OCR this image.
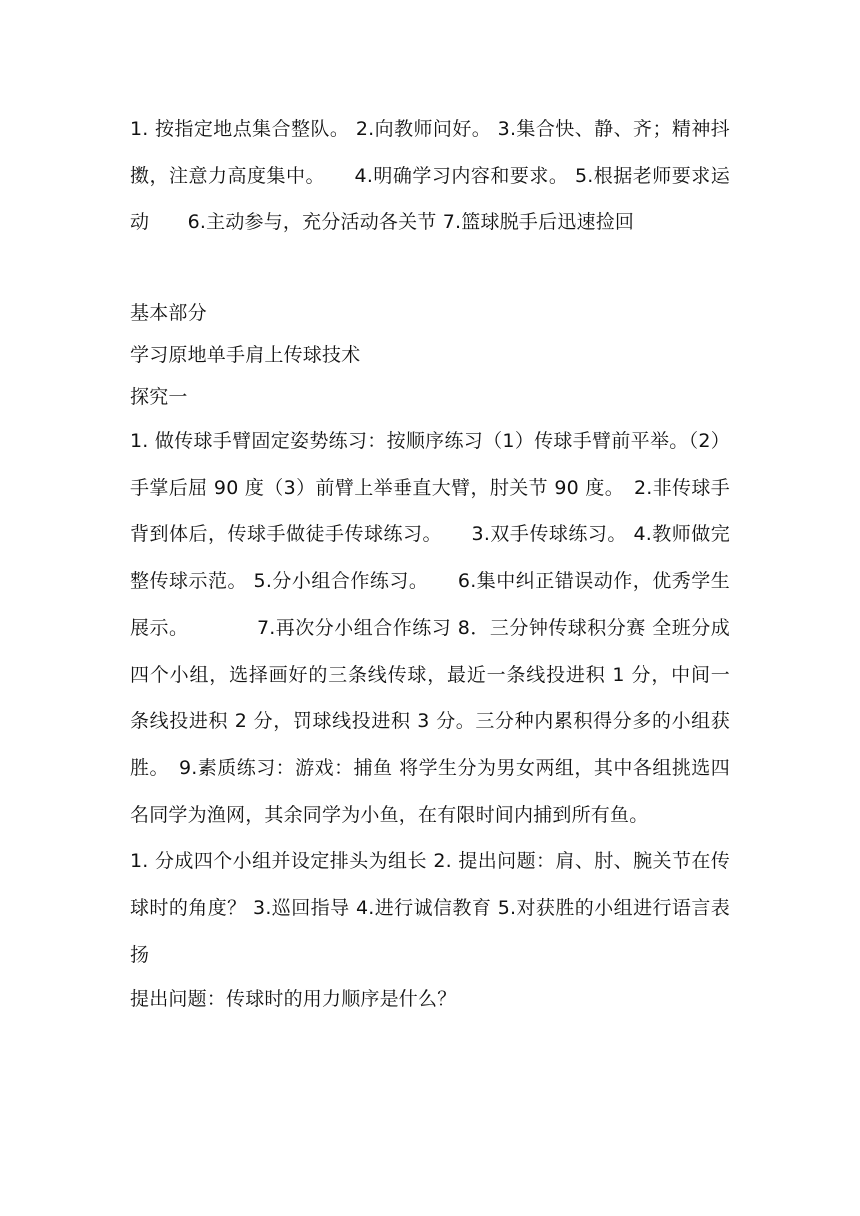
1. 按指定地点集合整队。 2.向教师问好。 3.集合快、静、齐；精神抖擞，注意力高度集中。　　4.明确学习内容和要求。 5.根据老师要求运动　　6.主动参与，充分活动各关节 7.篮球脱手后迅速捡回

基本部分

学习原地单手肩上传球技术

探究一

1. 做传球手臂固定姿势练习：按顺序练习（1）传球手臂前平举。（2）手掌后屈 90 度（3）前臂上举垂直大臂，肘关节 90 度。　2.非传球手背到体后，传球手做徒手传球练习。　　3.双手传球练习。 4.教师做完整传球示范。 5.分小组合作练习。　　6.集中纠正错误动作，优秀学生展示。　　　　7.再次分小组合作练习 8．三分钟传球积分赛 全班分成四个小组，选择画好的三条线传球，最近一条线投进积 1 分，中间一条线投进积 2 分，罚球线投进积 3 分。三分种内累积得分多的小组获胜。　9.素质练习：游戏：捕鱼 将学生分为男女两组，其中各组挑选四名同学为渔网，其余同学为小鱼，在有限时间内捕到所有鱼。

1. 分成四个小组并设定排头为组长 2. 提出问题：肩、肘、腕关节在传球时的角度？ 3.巡回指导 4.进行诚信教育 5.对获胜的小组进行语言表扬

提出问题：传球时的用力顺序是什么？
